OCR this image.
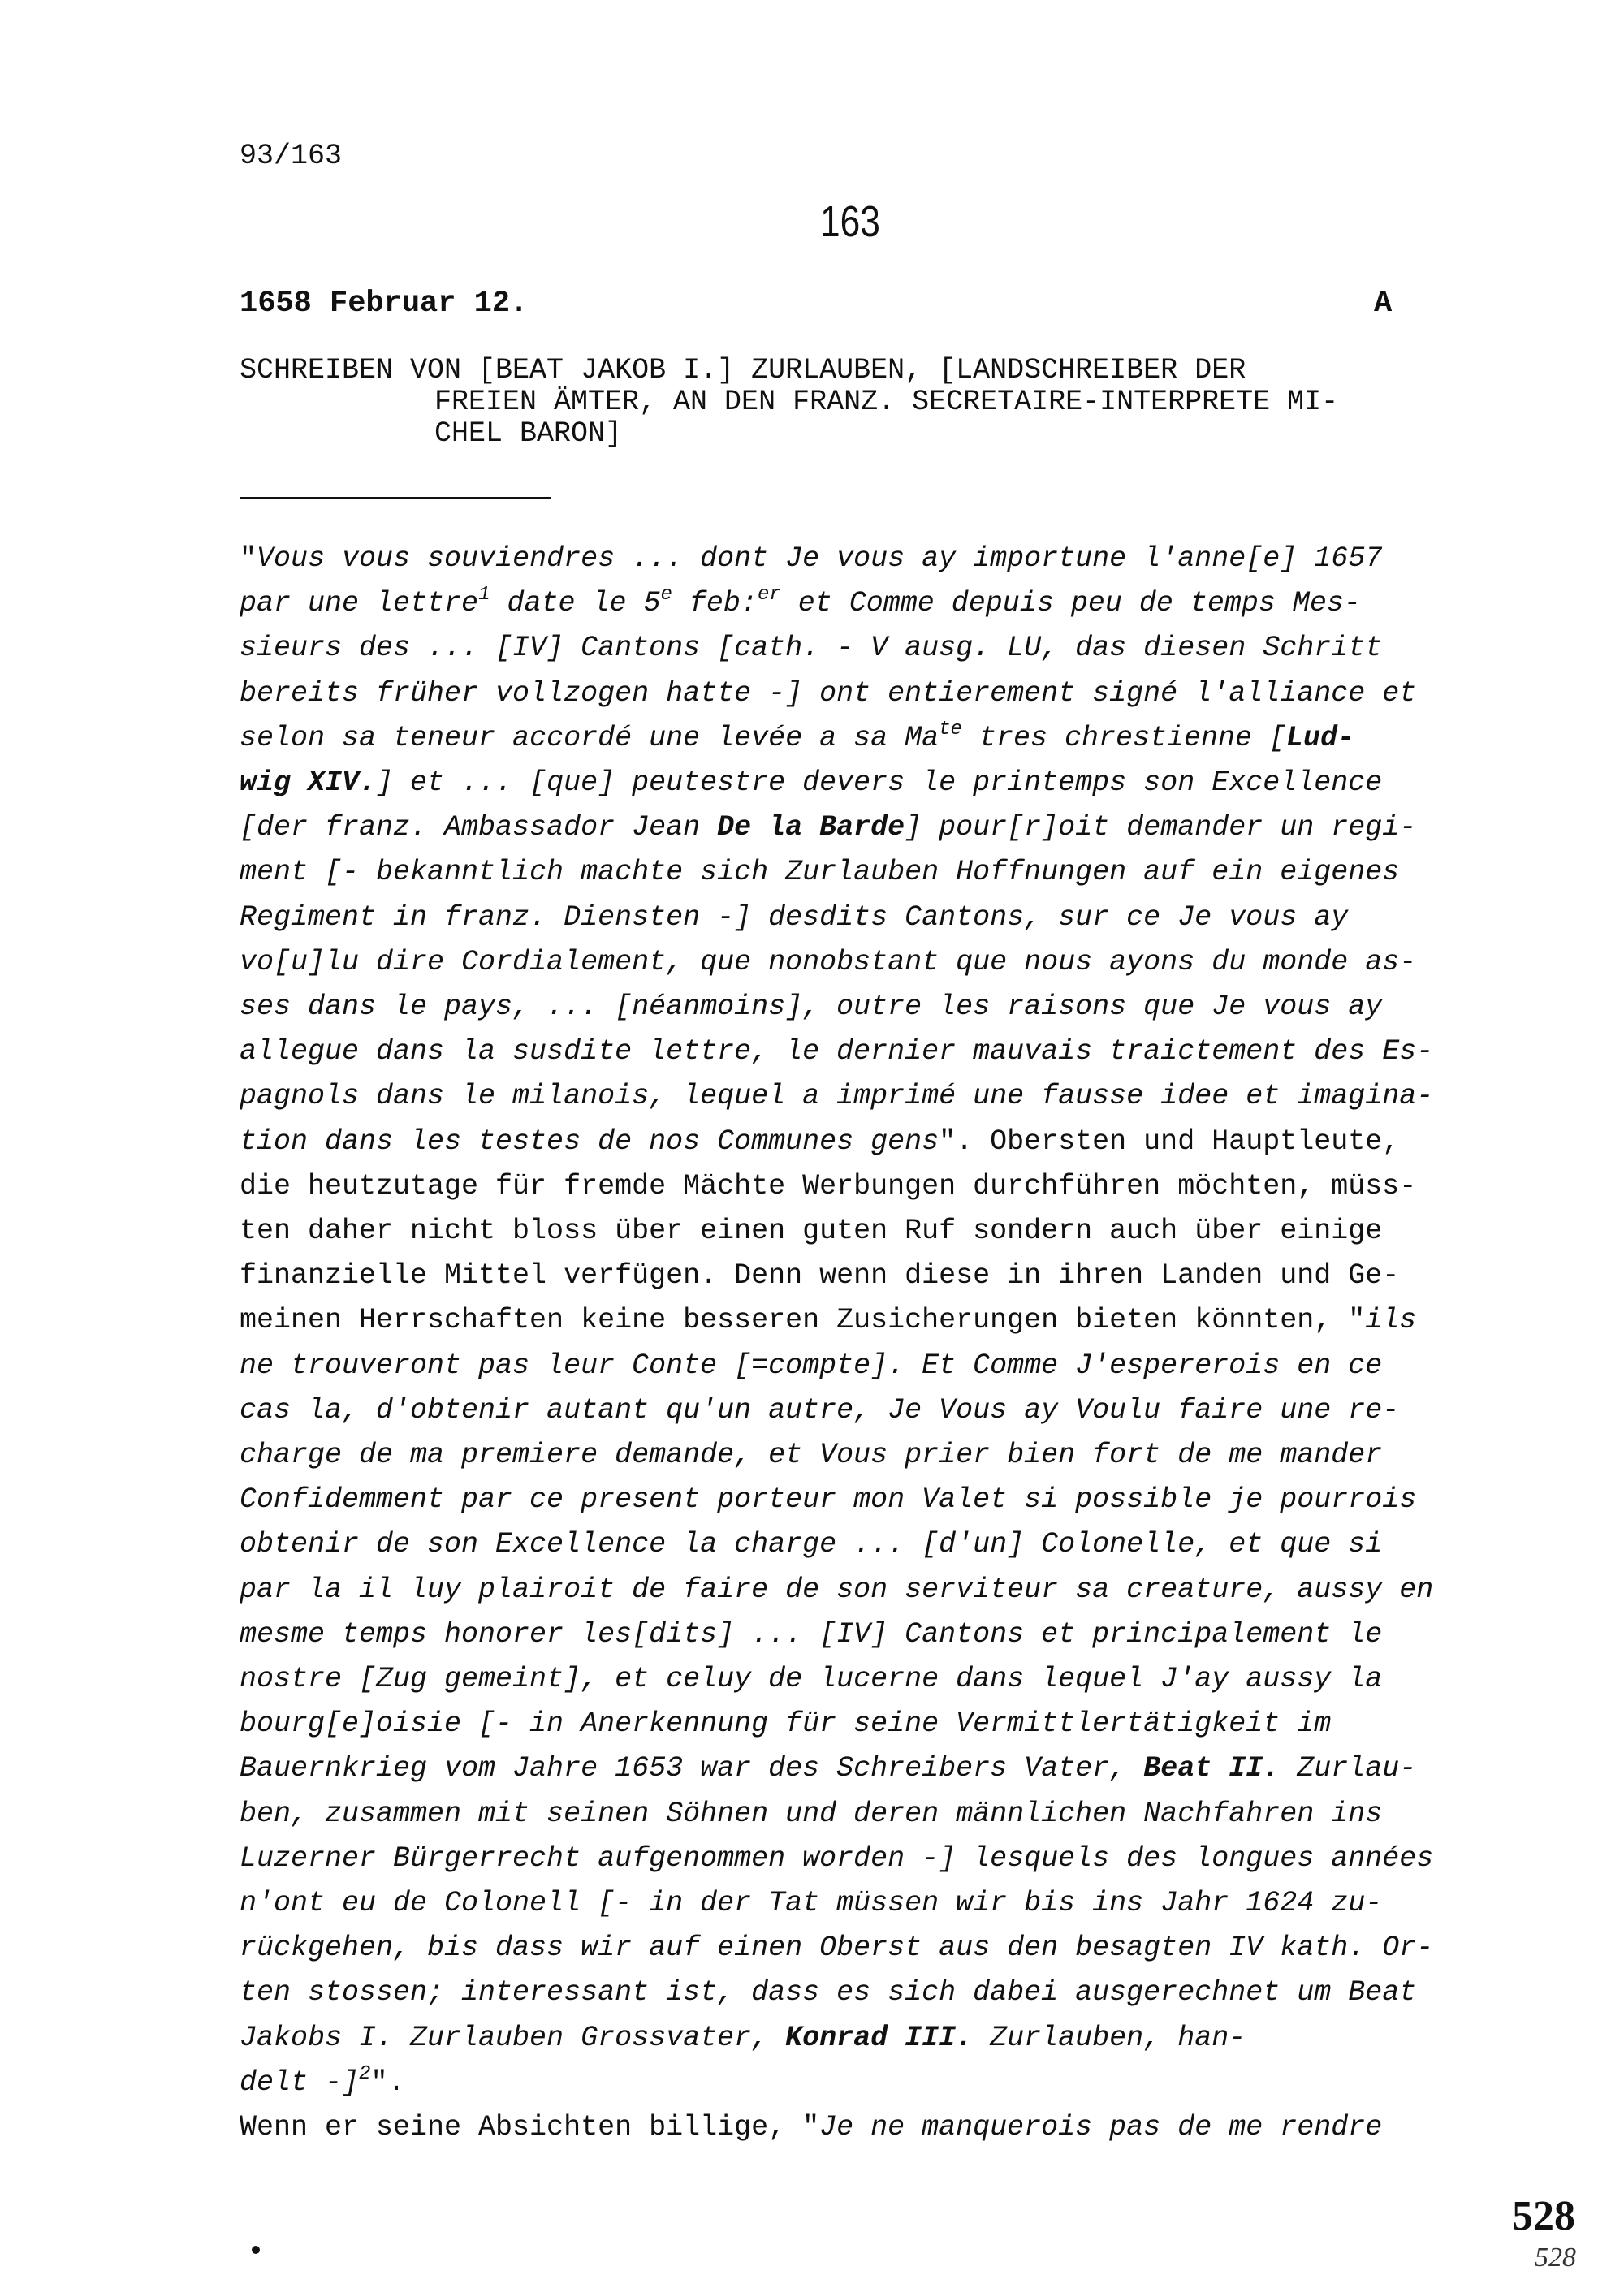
93/163
163
1658 Februar 12.	A
SCHREIBEN VON [BEAT JAKOB I.] ZURLAUBEN, [LANDSCHREIBER DER
FREIEN ÄMTER, AN DEN FRANZ. SECRETAIRE-INTERPRETE MI-
CHEL BARON]
"Vous vous souviendres ... dont Je vous ay importune l'anne[e] 1657
par une lettre$^1$ date le 5e feb:$^{er}$ et Comme depuis peu de temps Mes-
sieurs des ... [IV] Cantons [cath. - V ausg. LU, das diesen Schritt
bereits früher vollzogen hatte -] ont entierement signé l'alliance et
selon sa teneur accordé une levée a sa $Ma^{te}$ tres chrestienne [Lud-
wig XIV.] et ... [que] peutestre devers le printemps son Excellence
[der franz. Ambassador Jean De la Barde] pour[r]oit demander un regi-
ment [- bekanntlich machte sich Zurlauben Hoffnungen auf ein eigenes
Regiment in franz. Diensten -] desdits Cantons, sur ce Je vous ay
vo[u]lu dire Cordialement, que nonobstant que nous ayons du monde as-
ses dans le pays, ... [néanmoins], outre les raisons que Je vous ay
allegue dans la susdite lettre, le dernier mauvais traictement des Es-
pagnols dans le milanois, lequel a imprimé une fausse idee et imagina-
tion dans les testes de nos Communes gens". Obersten und Hauptleute,
die heutzutage für fremde Mächte Werbungen durchführen möchten, müss-
ten daher nicht bloss über einen guten Ruf sondern auch über einige
finanzielle Mittel verfügen. Denn wenn diese in ihren Landen und Ge-
meinen Herrschaften keine besseren Zusicherungen bieten könnten, "ils
ne trouveront pas leur Conte [=compte]. Et Comme J'espererois en ce
cas la, d'obtenir autant qu'un autre, Je Vous ay Voulu faire une re-
charge de ma premiere demande, et Vous prier bien fort de me mander
Confidemment par ce present porteur mon Valet si possible je pourrois
obtenir de son Excellence la charge ... [d'un] Colonelle, et que si
par la il luy plairoit de faire de son serviteur sa creature, aussy en
mesme temps honorer les[dits] ... [IV] Cantons et principalement le
nostre [Zug gemeint], et celuy de lucerne dans lequel J'ay aussy la
bourg[e]oisie [- in Anerkennung für seine Vermittlertätigkeit im
Bauernkrieg vom Jahre 1653 war des Schreibers Vater, Beat II. Zurlau-
ben, zusammen mit seinen Söhnen und deren männlichen Nachfahren ins
Luzerner Bürgerrecht aufgenommen worden -] lesquels des longues années
n'ont eu de Colonell [- in der Tat müssen wir bis ins Jahr 1624 zu-
rückgehen, bis dass wir auf einen Oberst aus den besagten IV kath. Or-
ten stossen; interessant ist, dass es sich dabei ausgerechnet um Beat
Jakobs I. Zurlauben Grossvater, Konrad III. Zurlauben, han-
delt -]$^2$".
Wenn er seine Absichten billige, "Je ne manquerois pas de me rendre
528
528
